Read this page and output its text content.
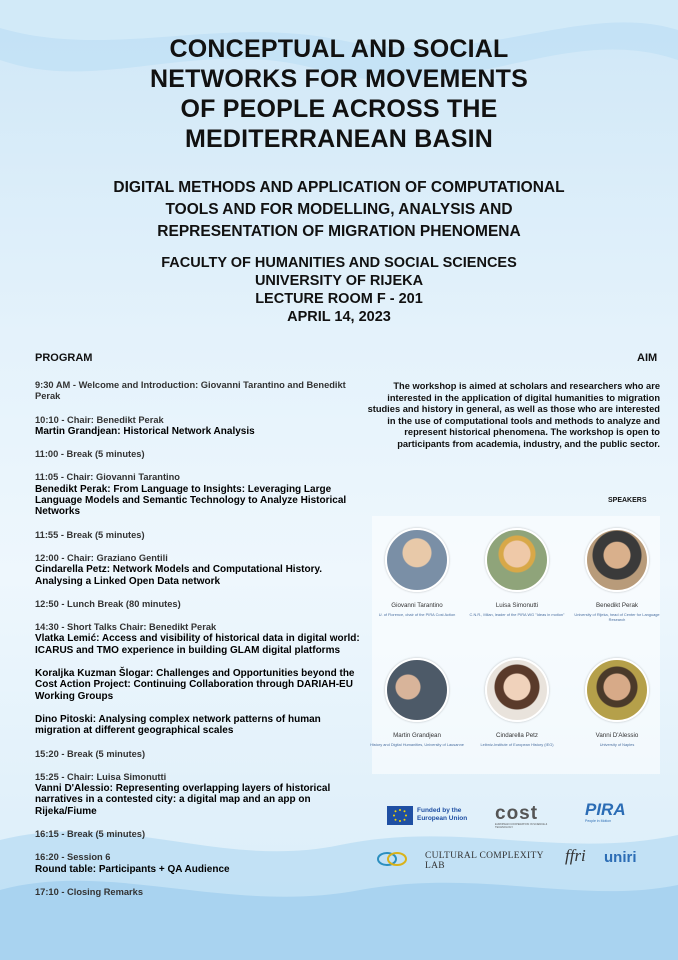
CONCEPTUAL AND SOCIAL
NETWORKS FOR MOVEMENTS
OF PEOPLE ACROSS THE
MEDITERRANEAN BASIN
DIGITAL METHODS AND APPLICATION OF COMPUTATIONAL
TOOLS AND FOR MODELLING, ANALYSIS AND
REPRESENTATION OF MIGRATION PHENOMENA
FACULTY OF HUMANITIES AND SOCIAL SCIENCES
UNIVERSITY OF RIJEKA
LECTURE ROOM F - 201
APRIL 14, 2023
PROGRAM	AIM
9:30 AM - Welcome and Introduction: Giovanni Tarantino and Benedikt Perak
10:10 - Chair: Benedikt Perak
Martin Grandjean: Historical Network Analysis
11:00 - Break (5 minutes)
11:05 - Chair: Giovanni Tarantino
Benedikt Perak: From Language to Insights: Leveraging Large Language Models and Semantic Technology to Analyze Historical Networks
11:55 - Break (5 minutes)
12:00 - Chair: Graziano Gentili
Cindarella Petz: Network Models and Computational History. Analysing a Linked Open Data network
12:50 - Lunch Break (80 minutes)
14:30 - Short Talks Chair: Benedikt Perak
Vlatka Lemić: Access and visibility of historical data in digital world: ICARUS and TMO experience in building GLAM digital platforms
Koraljka Kuzman Šlogar: Challenges and Opportunities beyond the Cost Action Project: Continuing Collaboration through DARIAH-EU Working Groups
Dino Pitoski: Analysing complex network patterns of human migration at different geographical scales
15:20 - Break (5 minutes)
15:25 - Chair: Luisa Simonutti
Vanni D'Alessio: Representing overlapping layers of historical narratives in a contested city: a digital map and an app on Rijeka/Fiume
16:15 - Break (5 minutes)
16:20 - Session 6
Round table: Participants + QA Audience
17:10 - Closing Remarks
The workshop is aimed at scholars and researchers who are interested in the application of digital humanities to migration studies and history in general, as well as those who are interested in the use of computational tools and methods to analyze and represent historical phenomena. The workshop is open to participants from academia, industry, and the public sector.
SPEAKERS
Giovanni Tarantino
U. of Florence, chair of the PIRA Cost Action
Luisa Simonutti
C.N.R., Milan, leader of the PIRA WG "Ideas in motion"
Benedikt Perak
University of Rijeka, head of Center for Language Research
Martin Grandjean
History and Digital Humanities, University of Lausanne
Cindarella Petz
Leibniz-Institute of European History (IEG)
Vanni D'Alessio
University of Naples
Funded by the European Union	cost
EUROPEAN COOPERATION IN SCIENCE & TECHNOLOGY
PIRA
People in Motion
CULTURAL COMPLEXITY LAB
ffri uniri
